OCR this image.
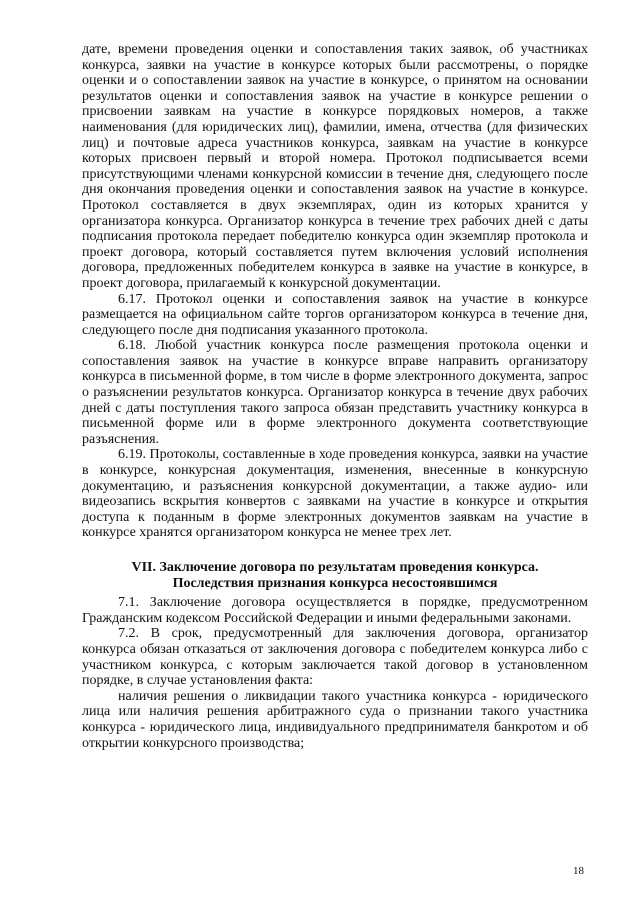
дате, времени проведения оценки и сопоставления таких заявок, об участниках конкурса, заявки на участие в конкурсе которых были рассмотрены, о порядке оценки и о сопоставлении заявок на участие в конкурсе, о принятом на основании результатов оценки и сопоставления заявок на участие в конкурсе решении о присвоении заявкам на участие в конкурсе порядковых номеров, а также наименования (для юридических лиц), фамилии, имена, отчества (для физических лиц) и почтовые адреса участников конкурса, заявкам на участие в конкурсе которых присвоен первый и второй номера. Протокол подписывается всеми присутствующими членами конкурсной комиссии в течение дня, следующего после дня окончания проведения оценки и сопоставления заявок на участие в конкурсе. Протокол составляется в двух экземплярах, один из которых хранится у организатора конкурса. Организатор конкурса в течение трех рабочих дней с даты подписания протокола передает победителю конкурса один экземпляр протокола и проект договора, который составляется путем включения условий исполнения договора, предложенных победителем конкурса в заявке на участие в конкурсе, в проект договора, прилагаемый к конкурсной документации.

6.17. Протокол оценки и сопоставления заявок на участие в конкурсе размещается на официальном сайте торгов организатором конкурса в течение дня, следующего после дня подписания указанного протокола.

6.18. Любой участник конкурса после размещения протокола оценки и сопоставления заявок на участие в конкурсе вправе направить организатору конкурса в письменной форме, в том числе в форме электронного документа, запрос о разъяснении результатов конкурса. Организатор конкурса в течение двух рабочих дней с даты поступления такого запроса обязан представить участнику конкурса в письменной форме или в форме электронного документа соответствующие разъяснения.

6.19. Протоколы, составленные в ходе проведения конкурса, заявки на участие в конкурсе, конкурсная документация, изменения, внесенные в конкурсную документацию, и разъяснения конкурсной документации, а также аудио- или видеозапись вскрытия конвертов с заявками на участие в конкурсе и открытия доступа к поданным в форме электронных документов заявкам на участие в конкурсе хранятся организатором конкурса не менее трех лет.

VII. Заключение договора по результатам проведения конкурса.
Последствия признания конкурса несостоявшимся

7.1. Заключение договора осуществляется в порядке, предусмотренном Гражданским кодексом Российской Федерации и иными федеральными законами.

7.2. В срок, предусмотренный для заключения договора, организатор конкурса обязан отказаться от заключения договора с победителем конкурса либо с участником конкурса, с которым заключается такой договор в установленном порядке, в случае установления факта:

наличия решения о ликвидации такого участника конкурса - юридического лица или наличия решения арбитражного суда о признании такого участника конкурса - юридического лица, индивидуального предпринимателя банкротом и об открытии конкурсного производства;

18
